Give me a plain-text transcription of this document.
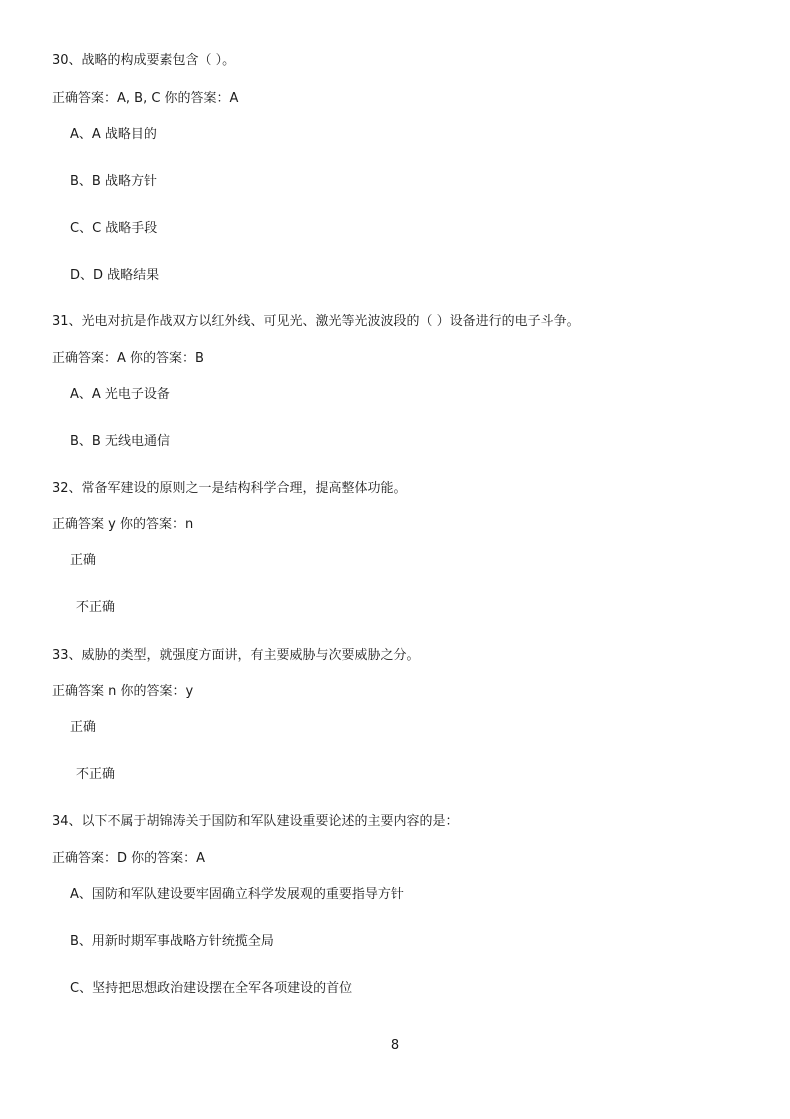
30、战略的构成要素包含（ ）。
正确答案：A, B, C 你的答案：A
A、A 战略目的
B、B 战略方针
C、C 战略手段
D、D 战略结果
31、光电对抗是作战双方以红外线、可见光、激光等光波波段的（ ）设备进行的电子斗争。
正确答案：A 你的答案：B
A、A 光电子设备
B、B 无线电通信
32、常备军建设的原则之一是结构科学合理，提高整体功能。
正确答案 y 你的答案：n
正确
不正确
33、威胁的类型，就强度方面讲，有主要威胁与次要威胁之分。
正确答案 n 你的答案：y
正确
不正确
34、以下不属于胡锦涛关于国防和军队建设重要论述的主要内容的是：
正确答案：D 你的答案：A
A、国防和军队建设要牢固确立科学发展观的重要指导方针
B、用新时期军事战略方针统揽全局
C、坚持把思想政治建设摆在全军各项建设的首位
8
